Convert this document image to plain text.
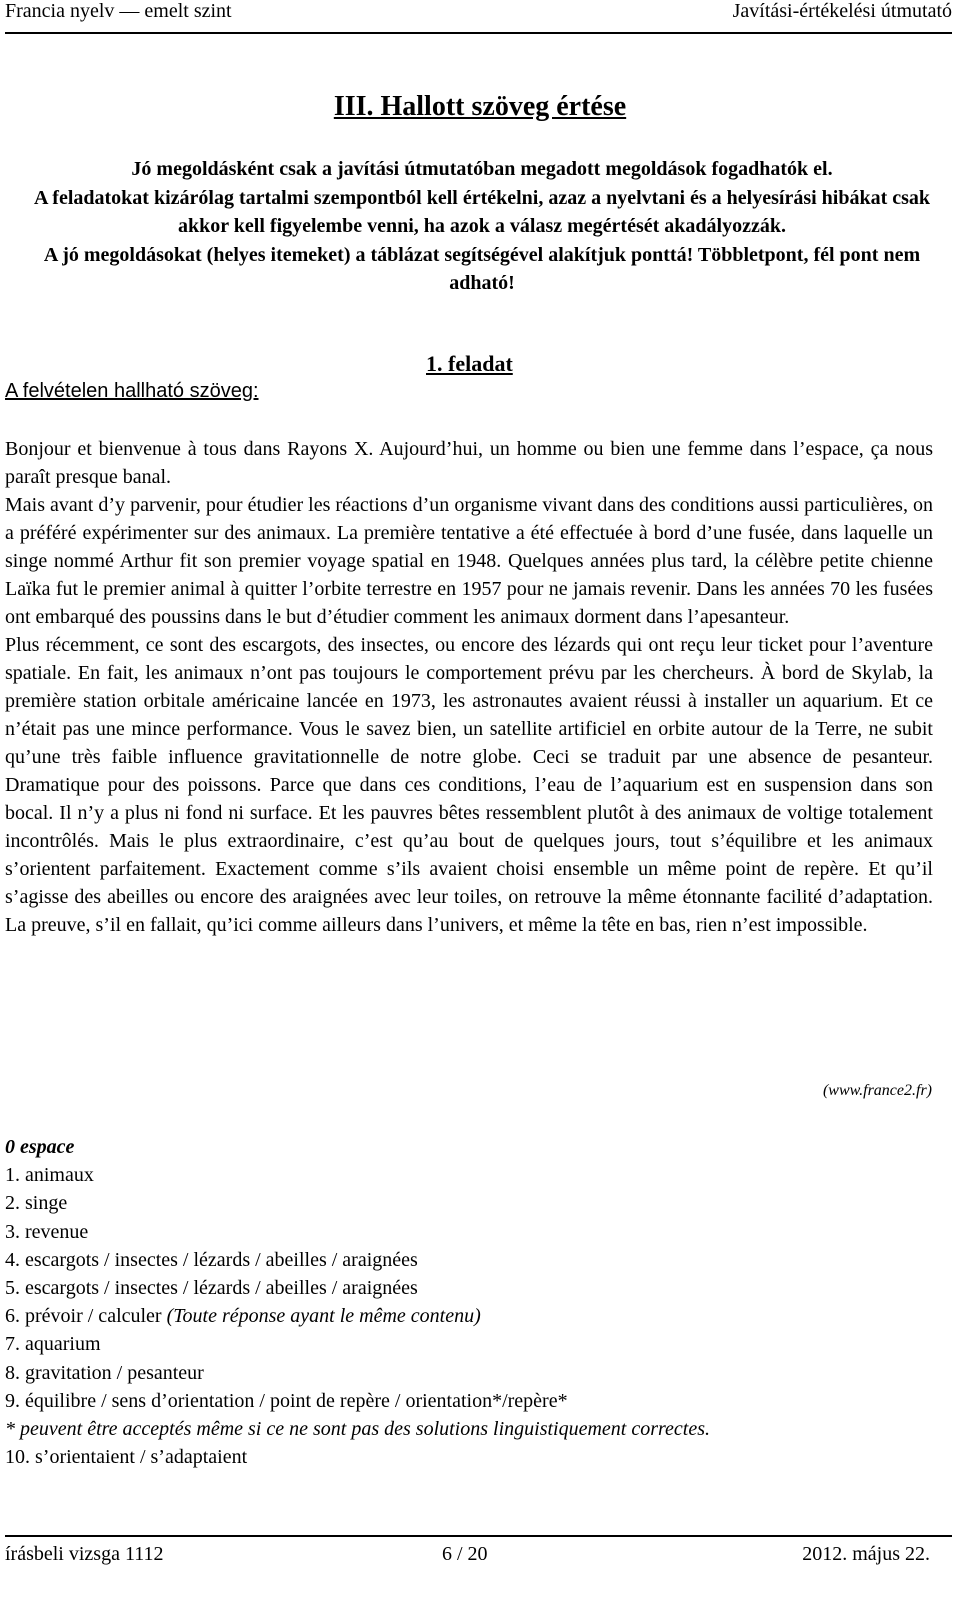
Francia nyelv — emelt szint	Javítási-értékelési útmutató
III. Hallott szöveg értése

Jó megoldásként csak a javítási útmutatóban megadott megoldások fogadhatók el.

A feladatokat kizárólag tartalmi szempontból kell értékelni, azaz a nyelvtani és a helyesírási hibákat csak akkor kell figyelembe venni, ha azok a válasz megértését akadályozzák.

A jó megoldásokat (helyes itemeket) a táblázat segítségével alakítjuk ponttá! Többletpont, fél pont nem adható!

1. feladat
A felvételen hallható szöveg:

Bonjour et bienvenue à tous dans Rayons X. Aujourd’hui, un homme ou bien une femme dans l’espace, ça nous paraît presque banal.

Mais avant d’y parvenir, pour étudier les réactions d’un organisme vivant dans des conditions aussi particulières, on a préféré expérimenter sur des animaux. La première tentative a été effectuée à bord d’une fusée, dans laquelle un singe nommé Arthur fit son premier voyage spatial en 1948. Quelques années plus tard, la célèbre petite chienne Laïka fut le premier animal à quitter l’orbite terrestre en 1957 pour ne jamais revenir. Dans les années 70 les fusées ont embarqué des poussins dans le but d’étudier comment les animaux dorment dans l’apesanteur.

Plus récemment, ce sont des escargots, des insectes, ou encore des lézards qui ont reçu leur ticket pour l’aventure spatiale. En fait, les animaux n’ont pas toujours le comportement prévu par les chercheurs. À bord de Skylab, la première station orbitale américaine lancée en 1973, les astronautes avaient réussi à installer un aquarium. Et ce n’était pas une mince performance. Vous le savez bien, un satellite artificiel en orbite autour de la Terre, ne subit qu’une très faible influence gravitationnelle de notre globe. Ceci se traduit par une absence de pesanteur. Dramatique pour des poissons. Parce que dans ces conditions, l’eau de l’aquarium est en suspension dans son bocal. Il n’y a plus ni fond ni surface. Et les pauvres bêtes ressemblent plutôt à des animaux de voltige totalement incontrôlés. Mais le plus extraordinaire, c’est qu’au bout de quelques jours, tout s’équilibre et les animaux s’orientent parfaitement. Exactement comme s’ils avaient choisi ensemble un même point de repère. Et qu’il s’agisse des abeilles ou encore des araignées avec leur toiles, on retrouve la même étonnante facilité d’adaptation. La preuve, s’il en fallait, qu’ici comme ailleurs dans l’univers, et même la tête en bas, rien n’est impossible.

(www.france2.fr)
0 espace
1. animaux
2. singe
3. revenue
4. escargots / insectes / lézards / abeilles / araignées
5. escargots / insectes / lézards / abeilles / araignées
6. prévoir / calculer (Toute réponse ayant le même contenu)
7. aquarium
8. gravitation / pesanteur
9. équilibre / sens d’orientation / point de repère / orientation*/repère*
* peuvent être acceptés même si ce ne sont pas des solutions linguistiquement correctes.
10. s’orientaient / s’adaptaient
írásbeli vizsga 1112	6 / 20	2012. május 22.
